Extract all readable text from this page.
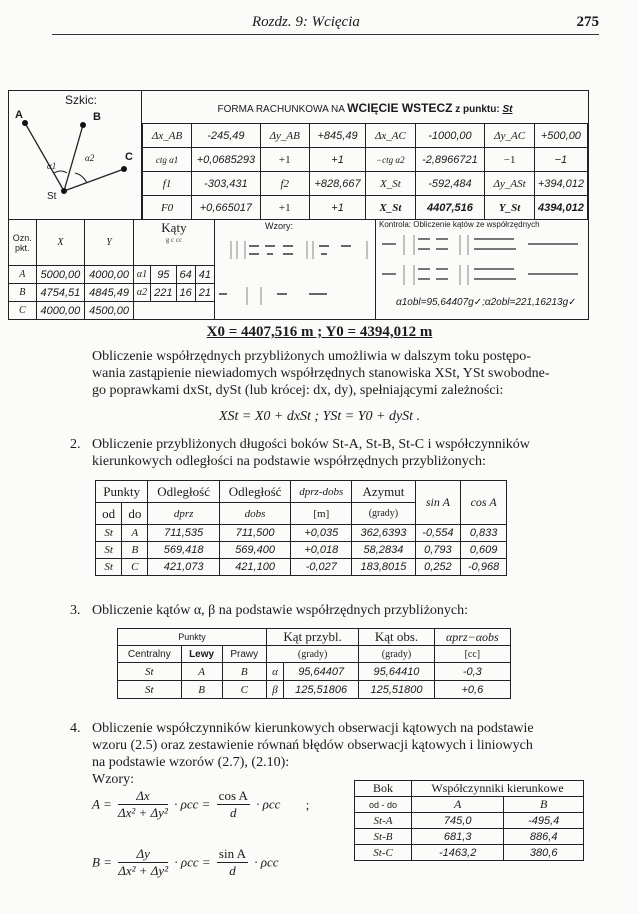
Rozdz. 9: Wcięcia	275
Szkic:
A	B
C
St
α1
α2
FORMA RACHUNKOWA NA WCIĘCIE WSTECZ z punktu: St
Δx_AB	-245,49	Δy_AB	+845,49	Δx_AC	-1000,00	Δy_AC	+500,00
ctg α1	+0,0685293	+1	+1	−ctg α2	-2,8966721	−1	−1
f1	-303,431	f2	+828,667	X_St	-592,484	Δy_ASt	+394,012
F0	+0,665017	+1	+1	X_St	4407,516	Y_St	4394,012
Ozn. pkt.	X	Y	Kąty
g c cc			

A	5000,00	4000,00	α1	95	64	41
B	4754,51	4845,49	α2	221	16	21
C	4000,00	4500,00				
Wzory:	Kontrola: Obliczenie kątów ze współrzędnych
α1obl=95,64407g✓;α2obl=221,16213g✓
X0 = 4407,516 m ; Y0 = 4394,012 m
Obliczenie współrzędnych przybliżonych umożliwia w dalszym toku postępo-
wania zastąpienie niewiadomych współrzędnych stanowiska XSt, YSt swobodne-
go poprawkami dxSt, dySt (lub krócej: dx, dy), spełniającymi zależności:
XSt = X0 + dxSt ; YSt = Y0 + dySt .
2. Obliczenie przybliżonych długości boków St-A, St-B, St-C i współczynników
kierunkowych odległości na podstawie współrzędnych przybliżonych:
Punkty		Odległość	Odległość	dprz-dobs	Azymut	sin A	cos A
od	do	dprz	dobs	[m]	(grady)		
St	A	711,535	711,500	+0,035	362,6393	-0,554	0,833
St	B	569,418	569,400	+0,018	58,2834	0,793	0,609
St	C	421,073	421,100	-0,027	183,8015	0,252	-0,968
3. Obliczenie kątów α, β na podstawie współrzędnych przybliżonych:
Punkty			Kąt przybl.		Kąt obs.	αprz−αobs
Centralny	Lewy	Prawy	(grady)		(grady)	[cc]
St	A	B	α	95,64407	95,64410	-0,3
St	B	C	β	125,51806	125,51800	+0,6
4. Obliczenie współczynników kierunkowych obserwacji kątowych na podstawie
wzoru (2.5) oraz zestawienie równań błędów obserwacji kątowych i liniowych
na podstawie wzorów (2.7), (2.10):
Wzory:
$A = \frac{\Delta x}{\text{Δx² + Δy²}} \cdot \rho cc = \frac{\text{cos A}}{d} \cdot \rho cc$ ;
$B = \frac{\Delta y}{\text{Δx² + Δy²}} \cdot \rho cc = \frac{\text{sin A}}{d} \cdot \rho cc$
Bok	Współczynniki kierunkowe	
od - do	A	B
St-A	745,0	-495,4
St-B	681,3	886,4
St-C	-1463,2	380,6
